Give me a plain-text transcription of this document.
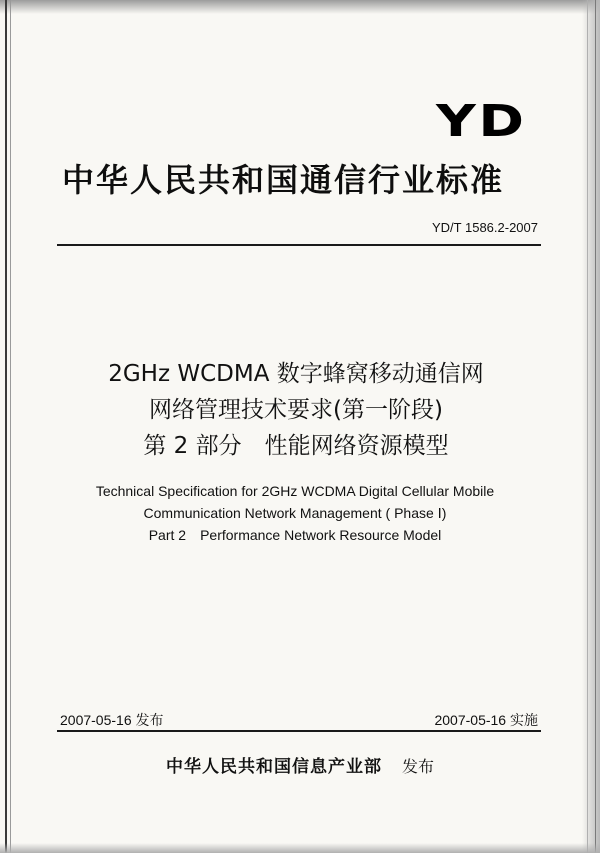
YD
中华人民共和国通信行业标准
YD/T 1586.2-2007
2GHz WCDMA 数字蜂窝移动通信网
网络管理技术要求(第一阶段)
第 2 部分　性能网络资源模型
Technical Specification for 2GHz WCDMA Digital Cellular Mobile
Communication Network Management ( Phase Ⅰ)
Part 2　Performance Network Resource Model
2007-05-16 发布	2007-05-16 实施
中华人民共和国信息产业部 发布
